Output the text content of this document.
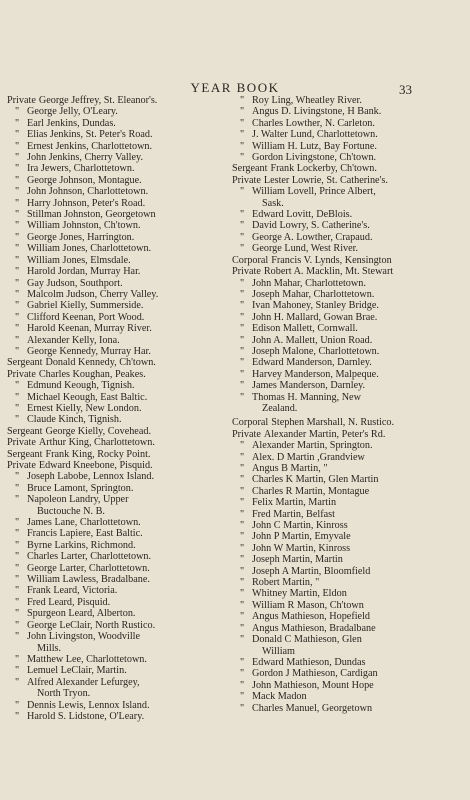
YEAR BOOK	33
Private George Jeffrey, St. Eleanor's.
" George Jelly, O'Leary.
" Earl Jenkins, Dundas.
" Elias Jenkins, St. Peter's Road.
" Ernest Jenkins, Charlottetown.
" John Jenkins, Cherry Valley.
" Ira Jewers, Charlottetown.
" George Johnson, Montague.
" John Johnson, Charlottetown.
" Harry Johnson, Peter's Road.
" Stillman Johnston, Georgetown
" William Johnston, Ch'town.
" George Jones, Harrington.
" William Jones, Charlottetown.
" William Jones, Elmsdale.
" Harold Jordan, Murray Har.
" Gay Judson, Southport.
" Malcolm Judson, Cherry Valley.
" Gabriel Kielly, Summerside.
" Clifford Keenan, Port Wood.
" Harold Keenan, Murray River.
" Alexander Kelly, Iona.
" George Kennedy, Murray Har.
Sergeant Donald Kennedy, Ch'town.
Private Charles Koughan, Peakes.
" Edmund Keough, Tignish.
" Michael Keough, East Baltic.
" Ernest Kielly, New London.
" Claude Kinch, Tignish.
Sergeant George Kielly, Covehead.
Private Arthur King, Charlottetown.
Sergeant Frank King, Rocky Point.
Private Edward Kneebone, Pisquid.
" Joseph Labobe, Lennox Island.
" Bruce Lamont, Springton.
" Napoleon Landry, Upper
Buctouche N. B.
" James Lane, Charlottetown.
" Francis Lapiere, East Baltic.
" Byrne Larkins, Richmond.
" Charles Larter, Charlottetown.
" George Larter, Charlottetown.
" William Lawless, Bradalbane.
" Frank Leard, Victoria.
" Fred Leard, Pisquid.
" Spurgeon Leard, Alberton.
" George LeClair, North Rustico.
" John Livingston, Woodville
Mills.
" Matthew Lee, Charlottetown.
" Lemuel LeClair, Martin.
" Alfred Alexander Lefurgey,
North Tryon.
" Dennis Lewis, Lennox Island.
" Harold S. Lidstone, O'Leary.
" Roy Ling, Wheatley River.
" Angus D. Livingstone, H Bank.
" Charles Lowther, N. Carleton.
" J. Walter Lund, Charlottetown.
" William H. Lutz, Bay Fortune.
" Gordon Livingstone, Ch'town.
Sergeant Frank Lockerby, Ch'town.
Private Lester Lowrie, St. Catherine's.
" William Lovell, Prince Albert,
Sask.
" Edward Lovitt, DeBlois.
" David Lowry, S. Catherine's.
" George A. Lowther, Crapaud.
" George Lund, West River.
Corporal Francis V. Lynds, Kensington
Private Robert A. Macklin, Mt. Stewart
" John Mahar, Charlottetown.
" Joseph Mahar, Charlottetown.
" Ivan Mahoney, Stanley Bridge.
" John H. Mallard, Gowan Brae.
" Edison Mallett, Cornwall.
" John A. Mallett, Union Road.
" Joseph Malone, Charlottetown.
" Edward Manderson, Darnley.
" Harvey Manderson, Malpeque.
" James Manderson, Darnley.
" Thomas H. Manning, New
Zealand.
Corporal Stephen Marshall, N. Rustico.
Private Alexander Martin, Peter's Rd.
" Alexander Martin, Springton.
" Alex. D Martin ,Grandview
" Angus B Martin, "
" Charles K Martin, Glen Martin
" Charles R Martin, Montague
" Felix Martin, Martin
" Fred Martin, Belfast
" John C Martin, Kinross
" John P Martin, Emyvale
" John W Martin, Kinross
" Joseph Martin, Martin
" Joseph A Martin, Bloomfield
" Robert Martin, "
" Whitney Martin, Eldon
" William R Mason, Ch'town
" Angus Mathieson, Hopefield
" Angus Mathieson, Bradalbane
" Donald C Mathieson, Glen
William
" Edward Mathieson, Dundas
" Gordon J Mathieson, Cardigan
" John Mathieson, Mount Hope
" Mack Madon
" Charles Manuel, Georgetown
